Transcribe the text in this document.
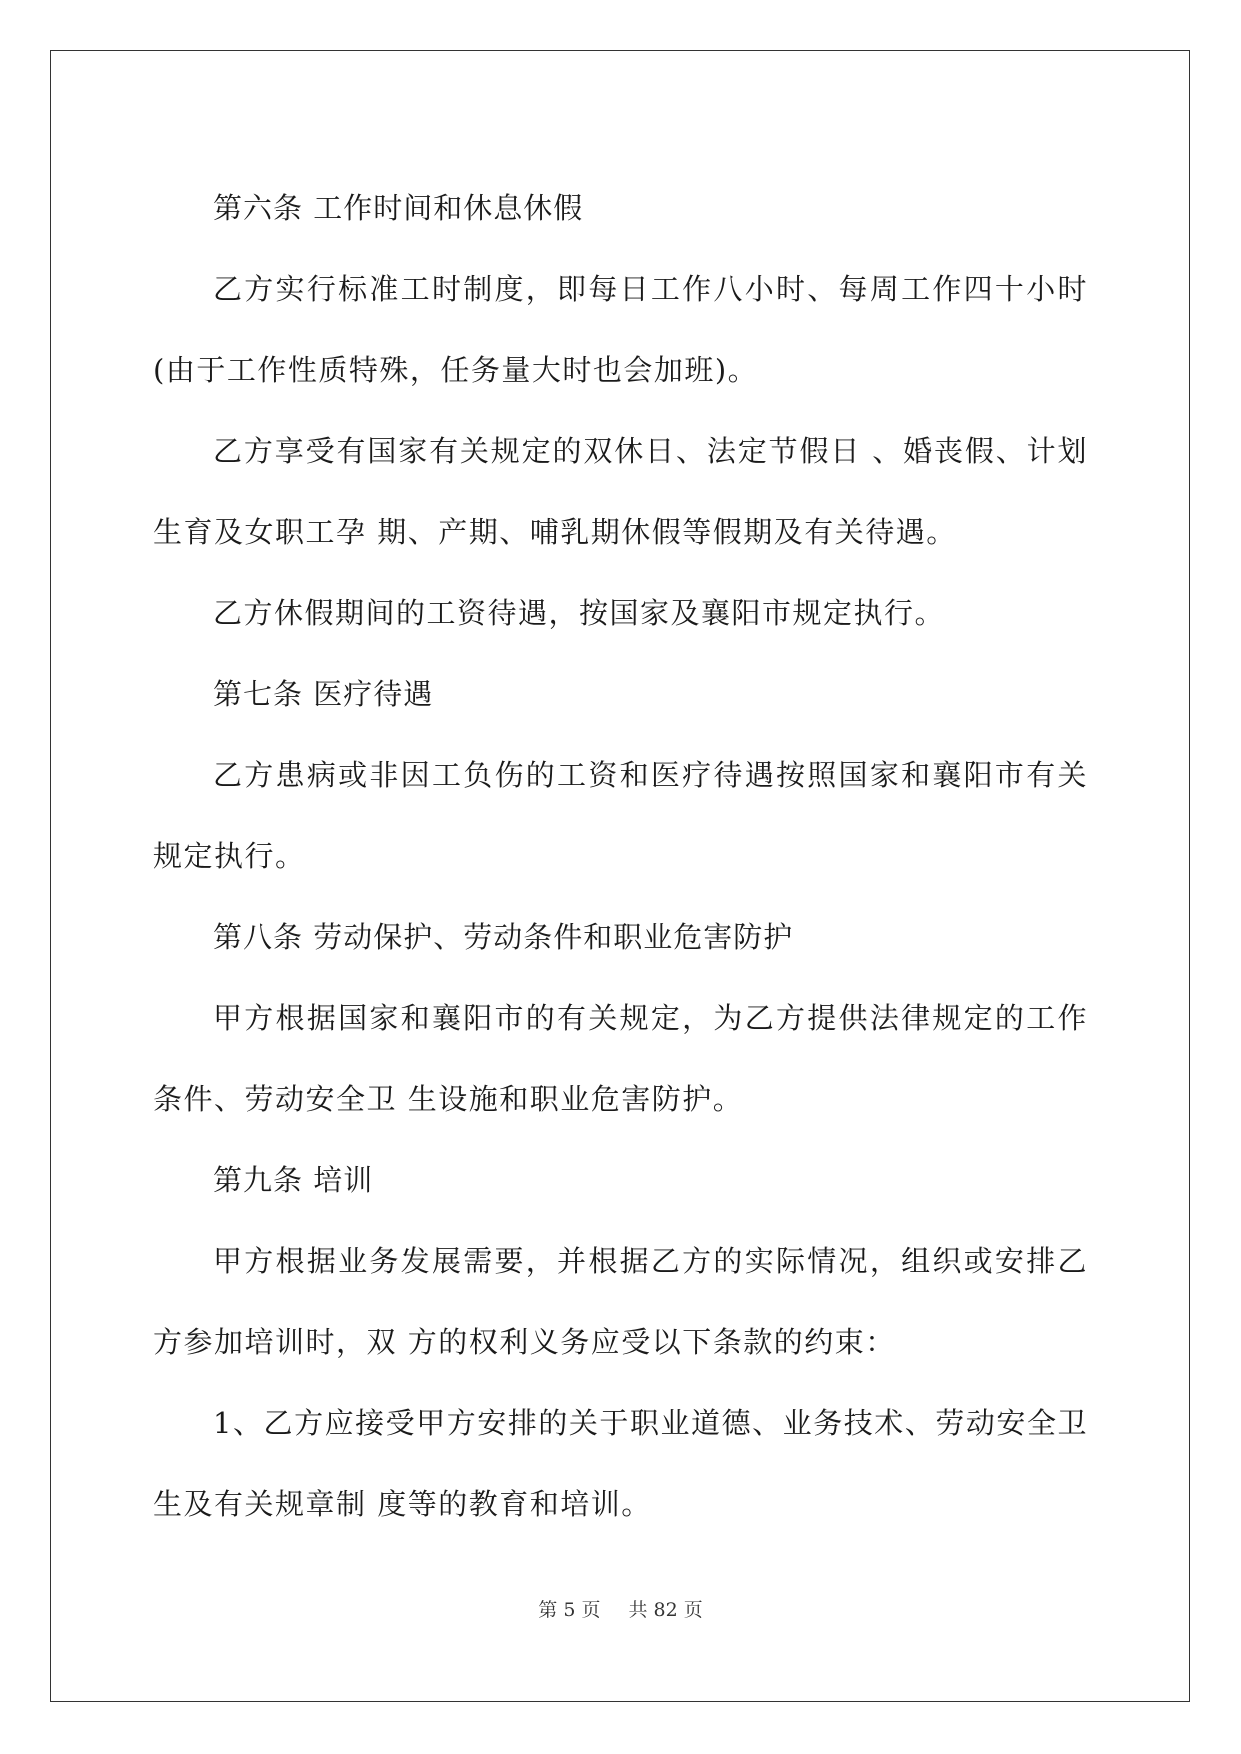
第六条 工作时间和休息休假

乙方实行标准工时制度，即每日工作八小时、每周工作四十小时(由于工作性质特殊，任务量大时也会加班)。

乙方享受有国家有关规定的双休日、法定节假日 、婚丧假、计划生育及女职工孕 期、产期、哺乳期休假等假期及有关待遇。

乙方休假期间的工资待遇，按国家及襄阳市规定执行。

第七条 医疗待遇

乙方患病或非因工负伤的工资和医疗待遇按照国家和襄阳市有关规定执行。

第八条 劳动保护、劳动条件和职业危害防护

甲方根据国家和襄阳市的有关规定，为乙方提供法律规定的工作条件、劳动安全卫 生设施和职业危害防护。

第九条 培训

甲方根据业务发展需要，并根据乙方的实际情况，组织或安排乙方参加培训时，双 方的权利义务应受以下条款的约束：

1、乙方应接受甲方安排的关于职业道德、业务技术、劳动安全卫生及有关规章制 度等的教育和培训。

第 5 页 共 82 页
